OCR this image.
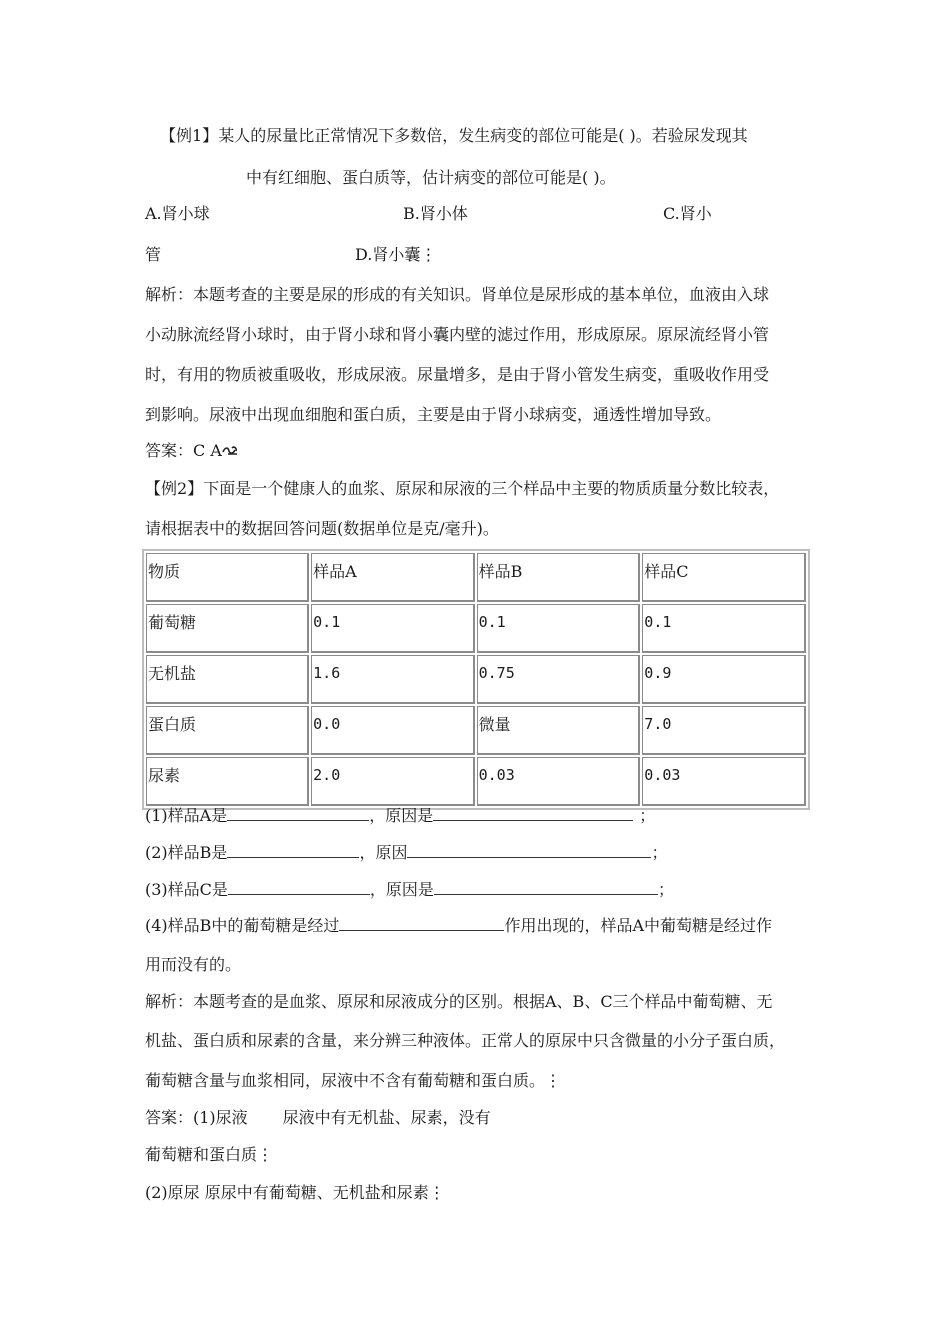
【例1】某人的尿量比正常情况下多数倍，发生病变的部位可能是( )。若验尿发现其
中有红细胞、蛋白质等，估计病变的部位可能是( )。
A.肾小球	B.肾小体	C.肾小
管	D.肾小囊⋮
解析：本题考查的主要是尿的形成的有关知识。肾单位是尿形成的基本单位，血液由入球
小动脉流经肾小球时，由于肾小球和肾小囊内壁的滤过作用，形成原尿。原尿流经肾小管
时，有用的物质被重吸收，形成尿液。尿量增多，是由于肾小管发生病变，重吸收作用受
到影响。尿液中出现血细胞和蛋白质，主要是由于肾小球病变，通透性增加导致。
答案：C A
【例2】下面是一个健康人的血浆、原尿和尿液的三个样品中主要的物质质量分数比较表，
请根据表中的数据回答问题(数据单位是克/毫升)。
物质	样品A	样品B	样品C
葡萄糖	0.1	0.1	0.1
无机盐	1.6	0.75	0.9
蛋白质	0.0	微量	7.0
尿素	2.0	0.03	0.03
(1)样品A是	，原因是	；
(2)样品B是	，原因	；
(3)样品C是	，原因是	；
(4)样品B中的葡萄糖是经过	作用出现的，样品A中葡萄糖是经过作
用而没有的。
解析：本题考查的是血浆、原尿和尿液成分的区别。根据A、B、C三个样品中葡萄糖、无
机盐、蛋白质和尿素的含量，来分辨三种液体。正常人的原尿中只含微量的小分子蛋白质，
葡萄糖含量与血浆相同，尿液中不含有葡萄糖和蛋白质。⋮
答案：(1)尿液 尿液中有无机盐、尿素，没有
葡萄糖和蛋白质⋮
(2)原尿 原尿中有葡萄糖、无机盐和尿素⋮
